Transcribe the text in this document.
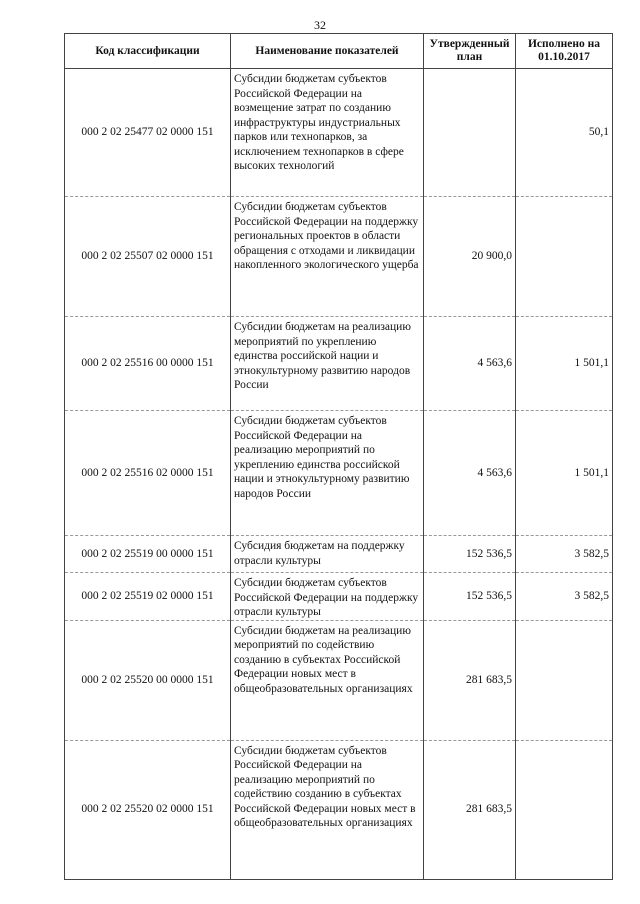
32
Код классификации	Наименование показателей	Утвержденный план	Исполнено на 01.10.2017
000 2 02 25477 02 0000 151	Субсидии бюджетам субъектов Российской Федерации на возмещение затрат по созданию инфраструктуры индустриальных парков или технопарков, за исключением технопарков в сфере высоких технологий		50,1
000 2 02 25507 02 0000 151	Субсидии бюджетам субъектов Российской Федерации на поддержку региональных проектов в области обращения с отходами и ликвидации накопленного экологического ущерба	20 900,0	
000 2 02 25516 00 0000 151	Субсидии бюджетам на реализацию мероприятий по укреплению единства российской нации и этнокультурному развитию народов России	4 563,6	1 501,1
000 2 02 25516 02 0000 151	Субсидии бюджетам субъектов Российской Федерации на реализацию мероприятий по укреплению единства российской нации и этнокультурному развитию народов России	4 563,6	1 501,1
000 2 02 25519 00 0000 151	Субсидия бюджетам на поддержку отрасли культуры	152 536,5	3 582,5
000 2 02 25519 02 0000 151	Субсидии бюджетам субъектов Российской Федерации на поддержку отрасли культуры	152 536,5	3 582,5
000 2 02 25520 00 0000 151	Субсидии бюджетам на реализацию мероприятий по содействию созданию в субъектах Российской Федерации новых мест в общеобразовательных организациях	281 683,5	
000 2 02 25520 02 0000 151	Субсидии бюджетам субъектов Российской Федерации на реализацию мероприятий по содействию созданию в субъектах Российской Федерации новых мест в общеобразовательных организациях	281 683,5	
